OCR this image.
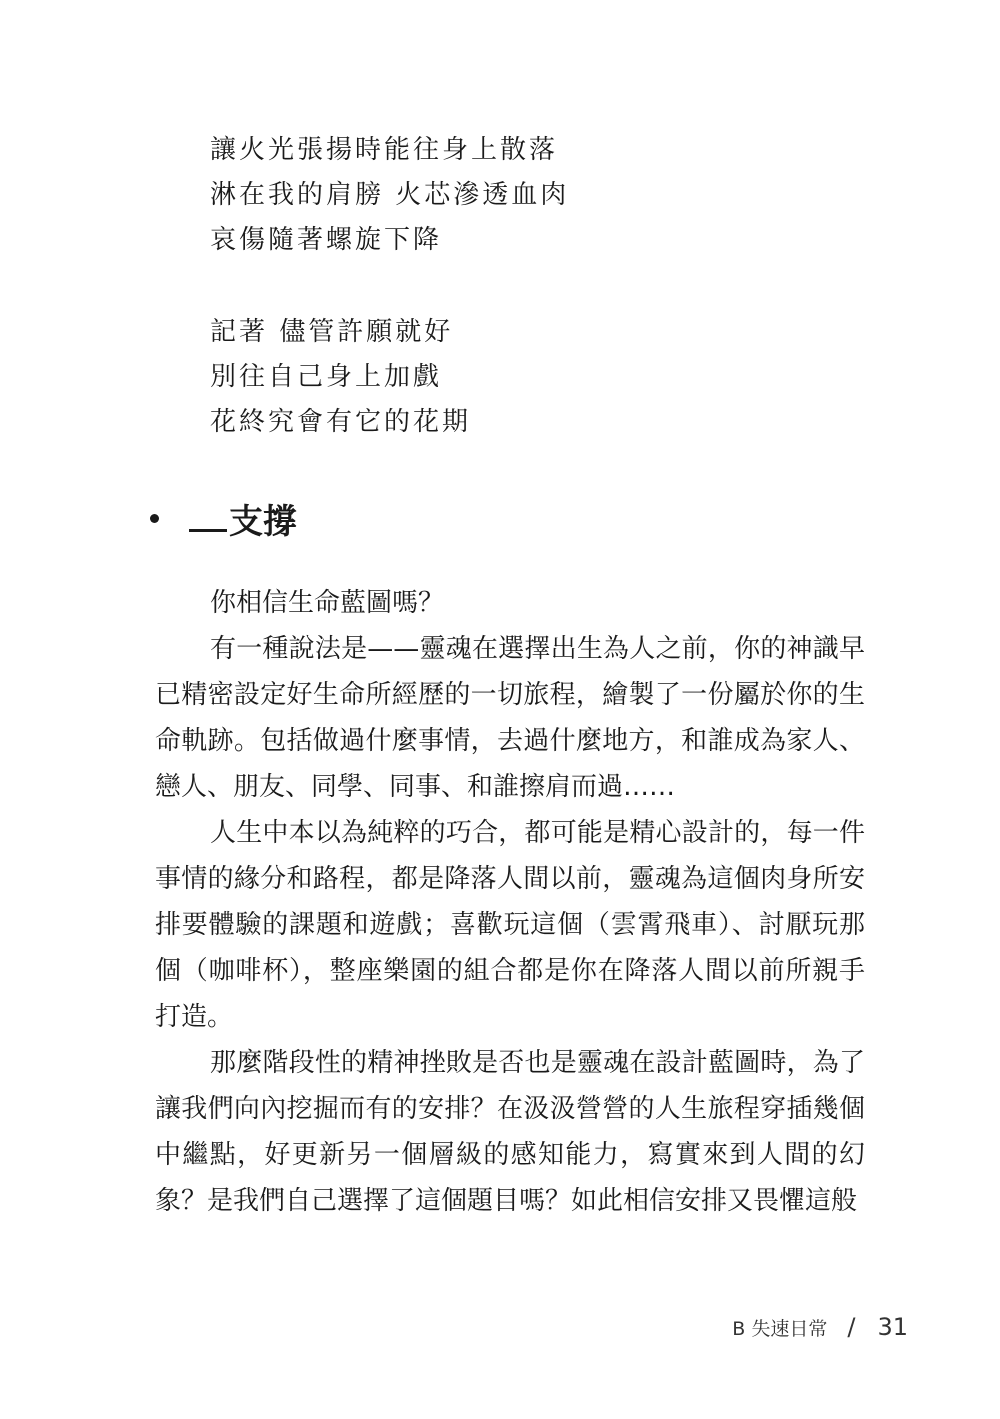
讓火光張揚時能往身上散落
淋在我的肩膀 火芯滲透血肉
哀傷隨著螺旋下降
記著 儘管許願就好
別往自己身上加戲
花終究會有它的花期
支撐

你相信生命藍圖嗎？

有一種說法是——靈魂在選擇出生為人之前，你的神識早已精密設定好生命所經歷的一切旅程，繪製了一份屬於你的生命軌跡。包括做過什麼事情，去過什麼地方，和誰成為家人、戀人、朋友、同學、同事、和誰擦肩而過……

人生中本以為純粹的巧合，都可能是精心設計的，每一件事情的緣分和路程，都是降落人間以前，靈魂為這個肉身所安排要體驗的課題和遊戲；喜歡玩這個（雲霄飛車）、討厭玩那個（咖啡杯），整座樂園的組合都是你在降落人間以前所親手打造。

那麼階段性的精神挫敗是否也是靈魂在設計藍圖時，為了讓我們向內挖掘而有的安排？在汲汲營營的人生旅程穿插幾個中繼點，好更新另一個層級的感知能力，寫實來到人間的幻象？是我們自己選擇了這個題目嗎？如此相信安排又畏懼這般

B 失速日常 / 31
